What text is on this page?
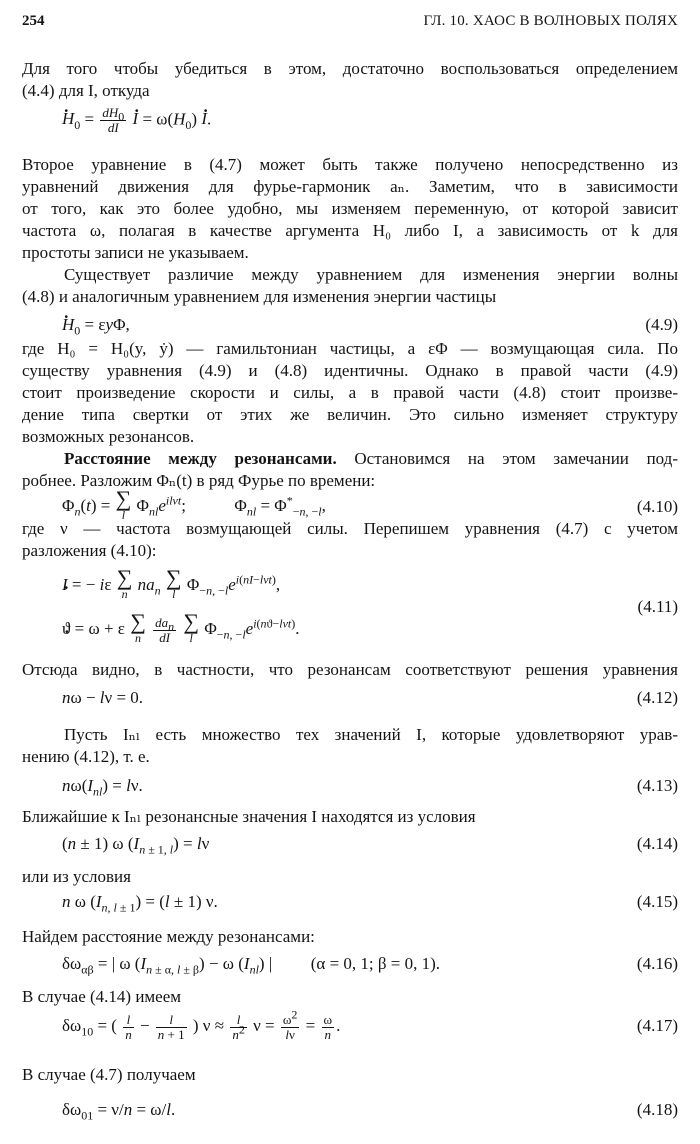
254	ГЛ. 10. ХАОС В ВОЛНОВЫХ ПОЛЯХ
Для того чтобы убедиться в этом, достаточно воспользоваться определением
(4.4) для I, откуда
· $H_0 = \frac{dH_0}{dI}$
· $I = \omega(H_0) \cdot I$.
Второе уравнение в (4.7) может быть также получено непосредственно из
уравнений движения для фурье-гармоник aₙ. Заметим, что в зависимости
от того, как это более удобно, мы изменяем переменную, от которой зависит
частота ω, полагая в качестве аргумента H₀ либо I, а зависимость от k для
простоты записи не указываем.
Существует различие между уравнением для изменения энергии волны
(4.8) и аналогичным уравнением для изменения энергии частицы
· $H_0 = \varepsilon y\Phi$,	(4.9)
где H₀ = H₀(y, ẏ) — гамильтониан частицы, а εΦ — возмущающая сила. По
существу уравнения (4.9) и (4.8) идентичны. Однако в правой части (4.9)
стоит произведение скорости и силы, а в правой части (4.8) стоит произве-
дение типа свертки от этих же величин. Это сильно изменяет структуру
возможных резонансов.
Расстояние между резонансами. Остановимся на этом замечании под-
робнее. Разложим Φₙ(t) в ряд Фурье по времени:
$\Phi_n(t)$ = ∑
l
$\Phi_{nl}e^{ilvt}$;  $\Phi_{nl} = \Phi^*_{-n, -l}$,	(4.10)
где ν — частота возмущающей силы. Перепишем уравнения (4.7) с учетом
разложения (4.10):
· I = − iε ∑
n
$na_n$
∑
l
$\Phi_{-n, -l}e^{i(nI-lvt)}$,
· ϑ = ω + ε ∑
n
$\frac{da_n}{dI}$
∑
l
$\Phi_{-n, -l}e^{i(nϑ-lvt)}$.
(4.11)
Отсюда видно, в частности, что резонансам соответствуют решения уравнения
nω − lν = 0.	(4.12)
Пусть Iₙₗ есть множество тех значений I, которые удовлетворяют урав-
нению (4.12), т. е.
$n\omega(I_{nl}) = l\nu$.	(4.13)
Ближайшие к Iₙₗ резонансные значения I находятся из условия
(n ± 1) ω $(I_{n \pm 1, l}) = l\nu$	(4.14)
или из условия
n ω $(I_{n, l \pm 1}) = (l \pm 1)$ ν.	(4.15)
Найдем расстояние между резонансами:
$\delta\omega_{\alpha\beta}$ = | ω $(I_{n \pm \alpha, l \pm \beta}) - \omega$ $(I_{nl})$ |  (α = 0, 1; β = 0, 1).	(4.16)
В случае (4.14) имеем
$\delta\omega_{10}$ = ( $\frac{l}{n} - \frac{l}{n + 1}$ ) $\nu \approx \frac{l}{n^2}$ $\nu = \frac{\omega^2}{l\nu} = \frac{\omega}{n}$ .	(4.17)
В случае (4.7) получаем
$\delta\omega_{01} = \nu/n = \omega/l$.	(4.18)
